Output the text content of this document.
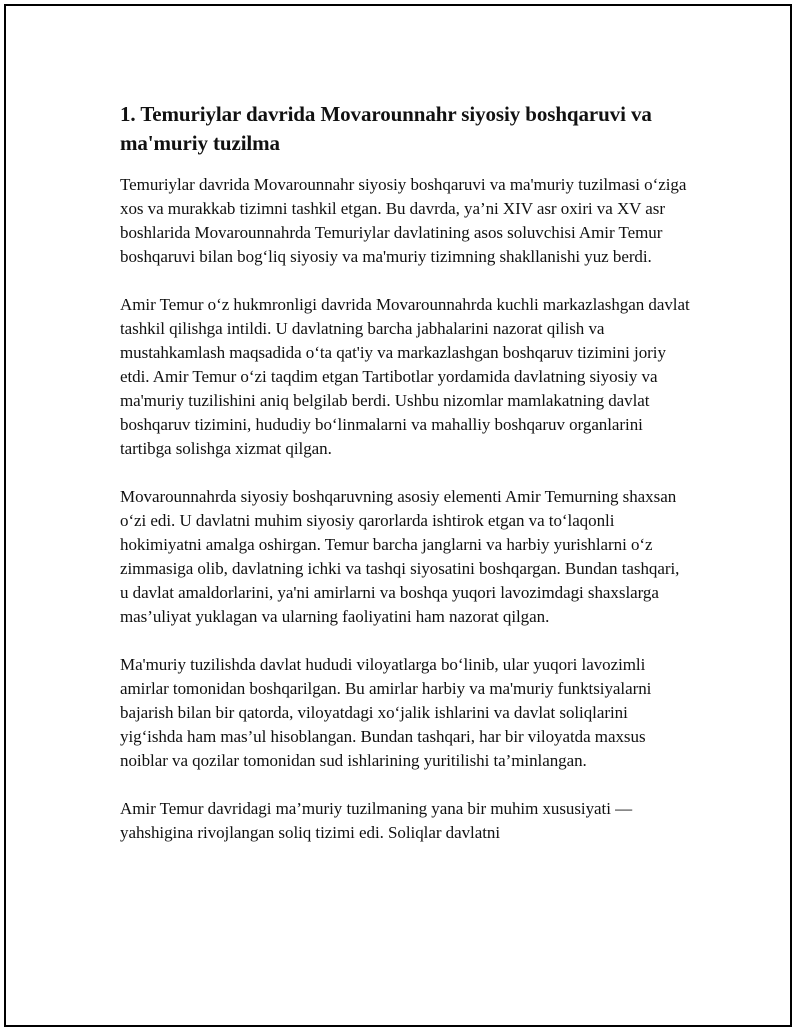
1. Temuriylar davrida Movarounnahr siyosiy boshqaruvi va ma'muriy tuzilma

Temuriylar davrida Movarounnahr siyosiy boshqaruvi va ma'muriy tuzilmasi o‘ziga xos va murakkab tizimni tashkil etgan. Bu davrda, ya’ni XIV asr oxiri va XV asr boshlarida Movarounnahrda Temuriylar davlatining asos soluvchisi Amir Temur boshqaruvi bilan bog‘liq siyosiy va ma'muriy tizimning shakllanishi yuz berdi.

Amir Temur o‘z hukmronligi davrida Movarounnahrda kuchli markazlashgan davlat tashkil qilishga intildi. U davlatning barcha jabhalarini nazorat qilish va mustahkamlash maqsadida o‘ta qat'iy va markazlashgan boshqaruv tizimini joriy etdi. Amir Temur o‘zi taqdim etgan Tartibotlar yordamida davlatning siyosiy va ma'muriy tuzilishini aniq belgilab berdi. Ushbu nizomlar mamlakatning davlat boshqaruv tizimini, hududiy bo‘linmalarni va mahalliy boshqaruv organlarini tartibga solishga xizmat qilgan.

Movarounnahrda siyosiy boshqaruvning asosiy elementi Amir Temurning shaxsan o‘zi edi. U davlatni muhim siyosiy qarorlarda ishtirok etgan va to‘laqonli hokimiyatni amalga oshirgan. Temur barcha janglarni va harbiy yurishlarni o‘z zimmasiga olib, davlatning ichki va tashqi siyosatini boshqargan. Bundan tashqari, u davlat amaldorlarini, ya'ni amirlarni va boshqa yuqori lavozimdagi shaxslarga mas’uliyat yuklagan va ularning faoliyatini ham nazorat qilgan.

Ma'muriy tuzilishda davlat hududi viloyatlarga bo‘linib, ular yuqori lavozimli amirlar tomonidan boshqarilgan. Bu amirlar harbiy va ma'muriy funktsiyalarni bajarish bilan bir qatorda, viloyatdagi xo‘jalik ishlarini va davlat soliqlarini yig‘ishda ham mas’ul hisoblangan. Bundan tashqari, har bir viloyatda maxsus noiblar va qozilar tomonidan sud ishlarining yuritilishi ta’minlangan.

Amir Temur davridagi ma’muriy tuzilmaning yana bir muhim xususiyati — yahshigina rivojlangan soliq tizimi edi. Soliqlar davlatni
